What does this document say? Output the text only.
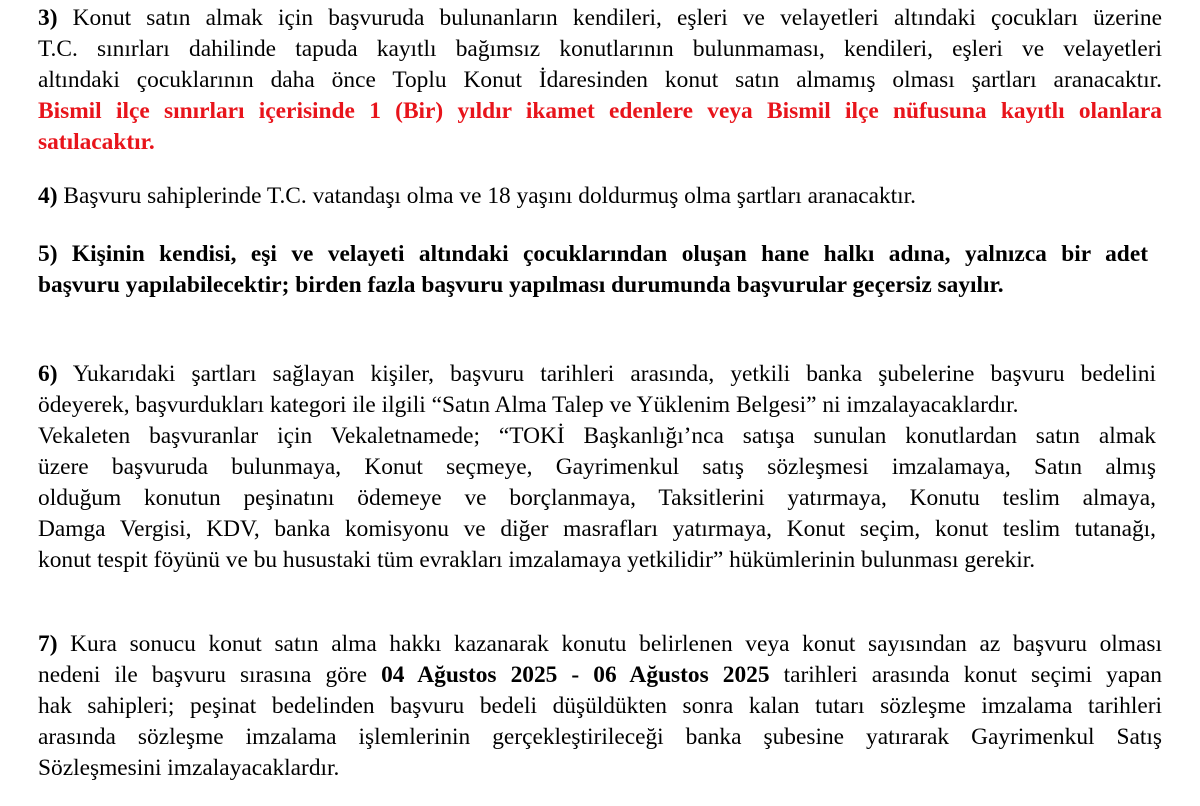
3) Konut satın almak için başvuruda bulunanların kendileri, eşleri ve velayetleri altındaki çocukları üzerine
T.C. sınırları dahilinde tapuda kayıtlı bağımsız konutlarının bulunmaması, kendileri, eşleri ve velayetleri
altındaki çocuklarının daha önce Toplu Konut İdaresinden konut satın almamış olması şartları aranacaktır.
Bismil ilçe sınırları içerisinde 1 (Bir) yıldır ikamet edenlere veya Bismil ilçe nüfusuna kayıtlı olanlara
satılacaktır.
4) Başvuru sahiplerinde T.C. vatandaşı olma ve 18 yaşını doldurmuş olma şartları aranacaktır.
5) Kişinin kendisi, eşi ve velayeti altındaki çocuklarından oluşan hane halkı adına, yalnızca bir adet
başvuru yapılabilecektir; birden fazla başvuru yapılması durumunda başvurular geçersiz sayılır.
6) Yukarıdaki şartları sağlayan kişiler, başvuru tarihleri arasında, yetkili banka şubelerine başvuru bedelini
ödeyerek, başvurdukları kategori ile ilgili “Satın Alma Talep ve Yüklenim Belgesi” ni imzalayacaklardır.
Vekaleten başvuranlar için Vekaletnamede; “TOKİ Başkanlığı’nca satışa sunulan konutlardan satın almak
üzere başvuruda bulunmaya, Konut seçmeye, Gayrimenkul satış sözleşmesi imzalamaya, Satın almış
olduğum konutun peşinatını ödemeye ve borçlanmaya, Taksitlerini yatırmaya, Konutu teslim almaya,
Damga Vergisi, KDV, banka komisyonu ve diğer masrafları yatırmaya, Konut seçim, konut teslim tutanağı,
konut tespit föyünü ve bu husustaki tüm evrakları imzalamaya yetkilidir” hükümlerinin bulunması gerekir.
7) Kura sonucu konut satın alma hakkı kazanarak konutu belirlenen veya konut sayısından az başvuru olması
nedeni ile başvuru sırasına göre 04 Ağustos 2025 - 06 Ağustos 2025 tarihleri arasında konut seçimi yapan
hak sahipleri; peşinat bedelinden başvuru bedeli düşüldükten sonra kalan tutarı sözleşme imzalama tarihleri
arasında sözleşme imzalama işlemlerinin gerçekleştirileceği banka şubesine yatırarak Gayrimenkul Satış
Sözleşmesini imzalayacaklardır.
